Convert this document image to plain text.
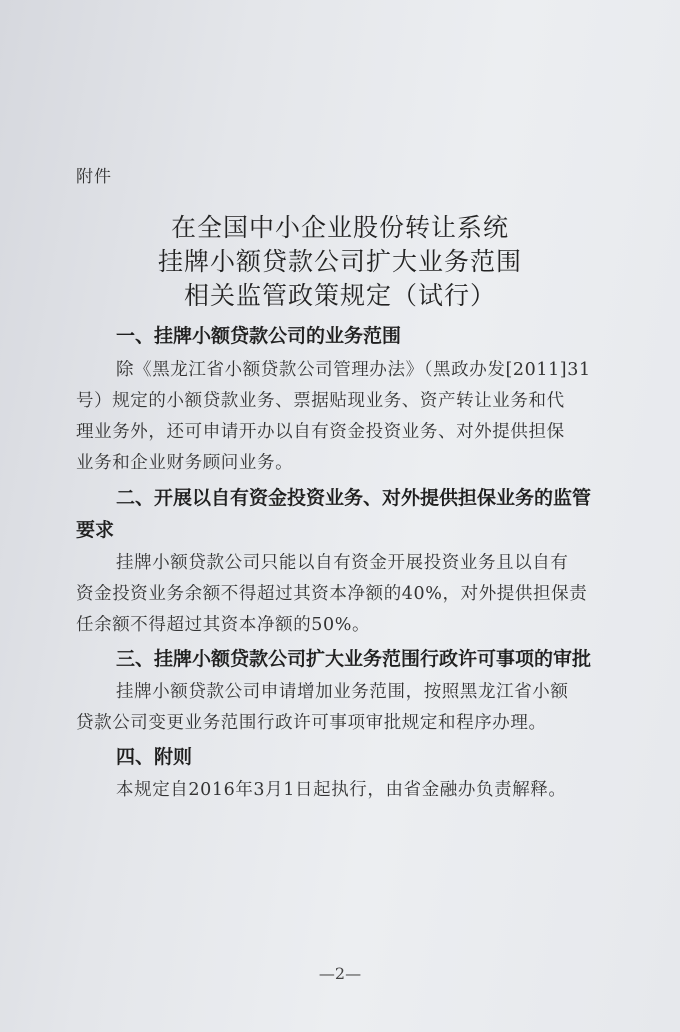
附件
在全国中小企业股份转让系统
挂牌小额贷款公司扩大业务范围
相关监管政策规定（试行）
一、挂牌小额贷款公司的业务范围
除《黑龙江省小额贷款公司管理办法》（黑政办发[2011]31
号）规定的小额贷款业务、票据贴现业务、资产转让业务和代
理业务外，还可申请开办以自有资金投资业务、对外提供担保
业务和企业财务顾问业务。
二、开展以自有资金投资业务、对外提供担保业务的监管
要求
挂牌小额贷款公司只能以自有资金开展投资业务且以自有
资金投资业务余额不得超过其资本净额的40%，对外提供担保责
任余额不得超过其资本净额的50%。
三、挂牌小额贷款公司扩大业务范围行政许可事项的审批
挂牌小额贷款公司申请增加业务范围，按照黑龙江省小额
贷款公司变更业务范围行政许可事项审批规定和程序办理。
四、附则
本规定自2016年3月1日起执行，由省金融办负责解释。
—2—
